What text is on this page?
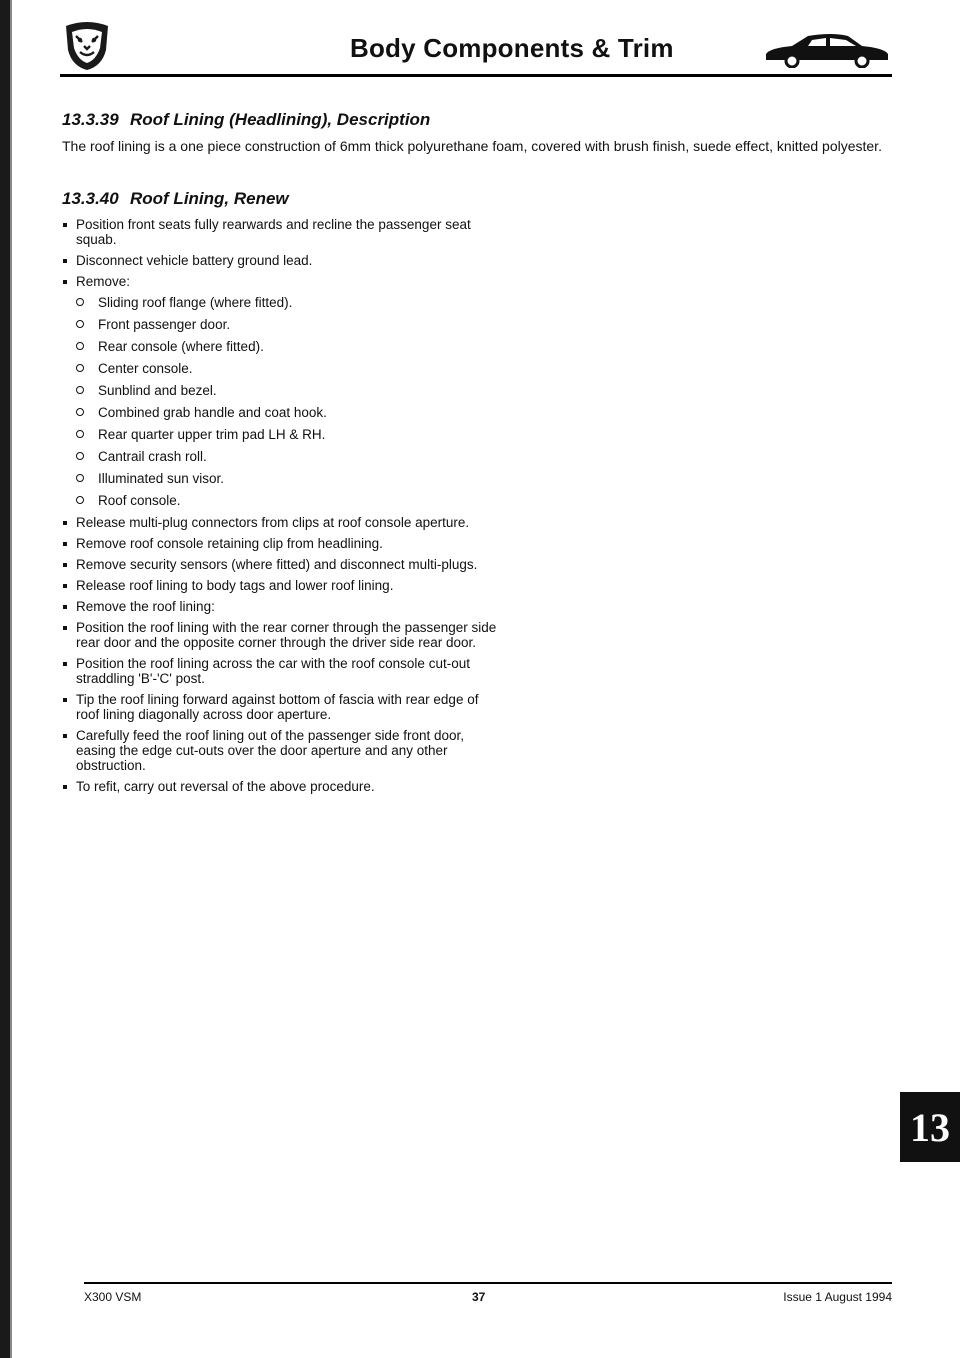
Body Components & Trim
13.3.39 Roof Lining (Headlining), Description

The roof lining is a one piece construction of 6mm thick polyurethane foam, covered with brush finish, suede effect, knitted polyester.

13.3.40 Roof Lining, Renew
Position front seats fully rearwards and recline the passenger seat squab.
Disconnect vehicle battery ground lead.
Remove:
Sliding roof flange (where fitted).
Front passenger door.
Rear console (where fitted).
Center console.
Sunblind and bezel.
Combined grab handle and coat hook.
Rear quarter upper trim pad LH & RH.
Cantrail crash roll.
Illuminated sun visor.
Roof console.
Release multi-plug connectors from clips at roof console aperture.
Remove roof console retaining clip from headlining.
Remove security sensors (where fitted) and disconnect multi-plugs.
Release roof lining to body tags and lower roof lining.
Remove the roof lining:
Position the roof lining with the rear corner through the passenger side rear door and the opposite corner through the driver side rear door.
Position the roof lining across the car with the roof console cut-out straddling 'B'-'C' post.
Tip the roof lining forward against bottom of fascia with rear edge of roof lining diagonally across door aperture.
Carefully feed the roof lining out of the passenger side front door, easing the edge cut-outs over the door aperture and any other obstruction.
To refit, carry out reversal of the above procedure.
13
X300 VSM	37	Issue 1 August 1994
